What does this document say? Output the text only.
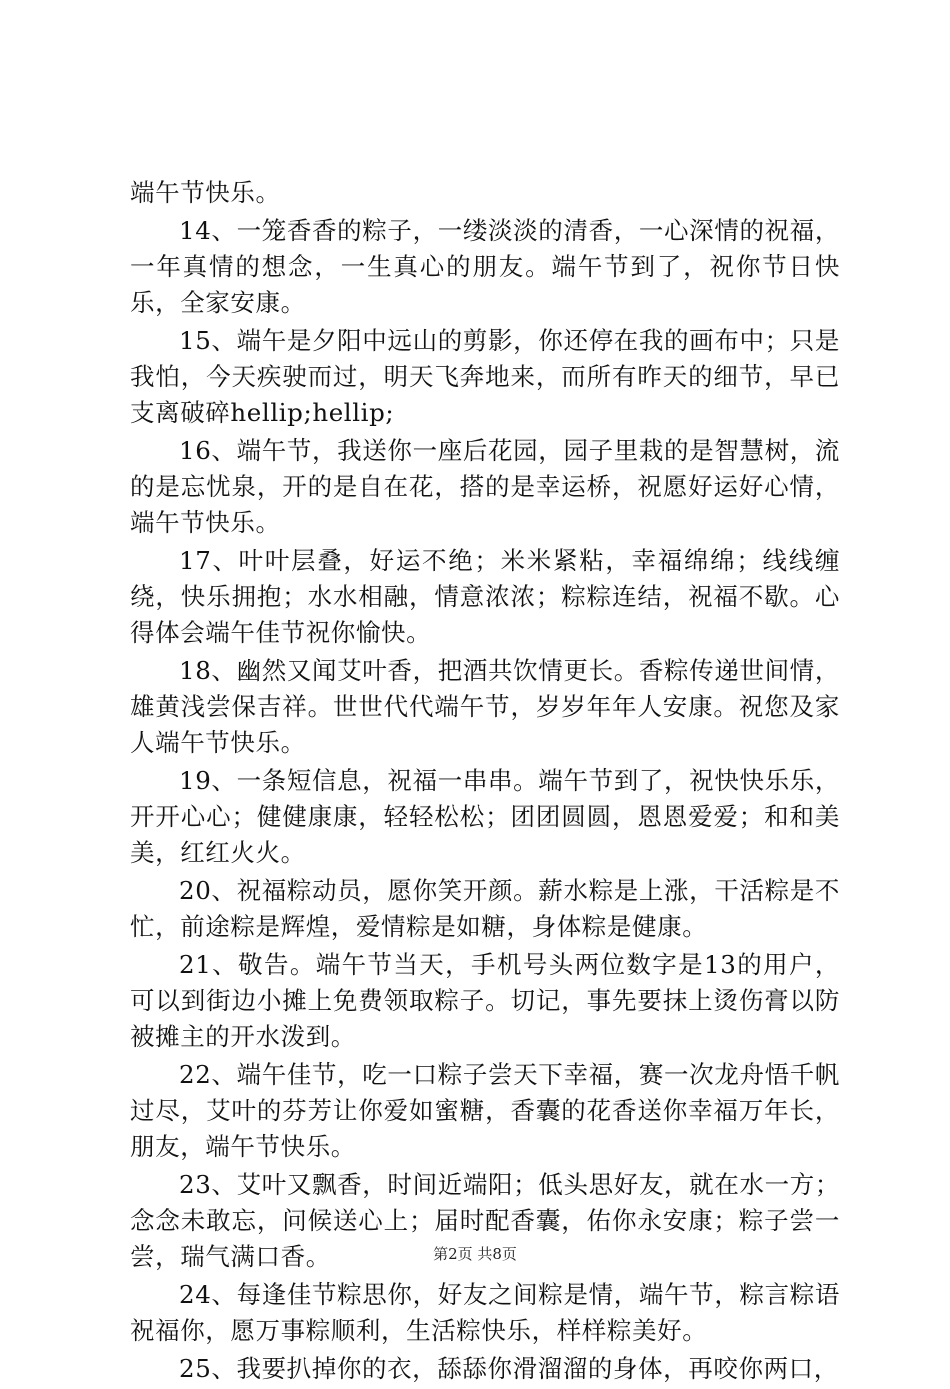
端午节快乐。

14、一笼香香的粽子，一缕淡淡的清香，一心深情的祝福，一年真情的想念，一生真心的朋友。端午节到了，祝你节日快乐，全家安康。

15、端午是夕阳中远山的剪影，你还停在我的画布中；只是我怕，今天疾驶而过，明天飞奔地来，而所有昨天的细节，早已支离破碎hellip;hellip;

16、端午节，我送你一座后花园，园子里栽的是智慧树，流的是忘忧泉，开的是自在花，搭的是幸运桥，祝愿好运好心情，端午节快乐。

17、叶叶层叠，好运不绝；米米紧粘，幸福绵绵；线线缠绕，快乐拥抱；水水相融，情意浓浓；粽粽连结，祝福不歇。心得体会端午佳节祝你愉快。

18、幽然又闻艾叶香，把酒共饮情更长。香粽传递世间情，雄黄浅尝保吉祥。世世代代端午节，岁岁年年人安康。祝您及家人端午节快乐。

19、一条短信息，祝福一串串。端午节到了，祝快快乐乐，开开心心；健健康康，轻轻松松；团团圆圆，恩恩爱爱；和和美美，红红火火。

20、祝福粽动员，愿你笑开颜。薪水粽是上涨，干活粽是不忙，前途粽是辉煌，爱情粽是如糖，身体粽是健康。

21、敬告。端午节当天，手机号头两位数字是13的用户，可以到街边小摊上免费领取粽子。切记，事先要抹上烫伤膏以防被摊主的开水泼到。

22、端午佳节，吃一口粽子尝天下幸福，赛一次龙舟悟千帆过尽，艾叶的芬芳让你爱如蜜糖，香囊的花香送你幸福万年长，朋友，端午节快乐。

23、艾叶又飘香，时间近端阳；低头思好友，就在水一方；念念未敢忘，问候送心上；届时配香囊，佑你永安康；粽子尝一尝，瑞气满口香。

24、每逢佳节粽思你，好友之间粽是情，端午节，粽言粽语祝福你，愿万事粽顺利，生活粽快乐，样样粽美好。

25、我要扒掉你的衣，舔舔你滑溜溜的身体，再咬你两口，

第2页 共8页
